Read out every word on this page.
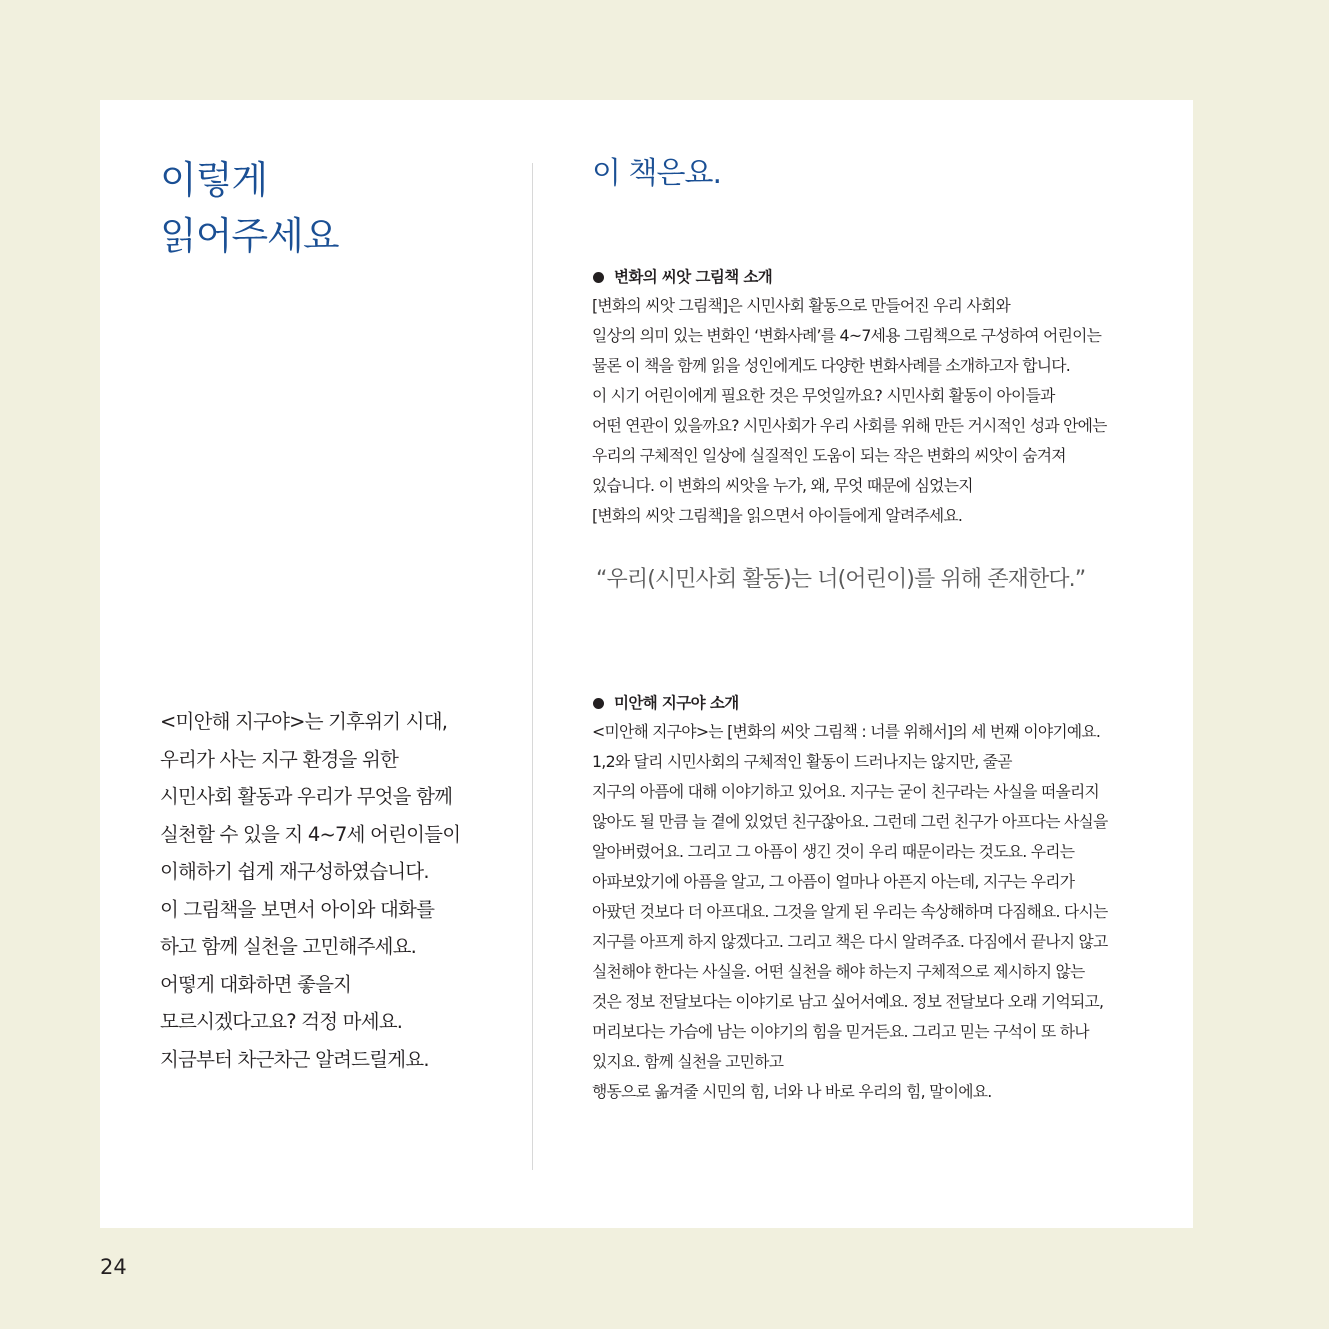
이렇게
읽어주세요

<미안해 지구야>는 기후위기 시대,

우리가 사는 지구 환경을 위한

시민사회 활동과 우리가 무엇을 함께

실천할 수 있을 지 4~7세 어린이들이

이해하기 쉽게 재구성하였습니다.

이 그림책을 보면서 아이와 대화를

하고 함께 실천을 고민해주세요.

어떻게 대화하면 좋을지

모르시겠다고요? 걱정 마세요.

지금부터 차근차근 알려드릴게요.

이 책은요.
변화의 씨앗 그림책 소개

[변화의 씨앗 그림책]은 시민사회 활동으로 만들어진 우리 사회와

일상의 의미 있는 변화인 ‘변화사례’를 4~7세용 그림책으로 구성하여 어린이는

물론 이 책을 함께 읽을 성인에게도 다양한 변화사례를 소개하고자 합니다.

이 시기 어린이에게 필요한 것은 무엇일까요? 시민사회 활동이 아이들과

어떤 연관이 있을까요? 시민사회가 우리 사회를 위해 만든 거시적인 성과 안에는

우리의 구체적인 일상에 실질적인 도움이 되는 작은 변화의 씨앗이 숨겨져

있습니다. 이 변화의 씨앗을 누가, 왜, 무엇 때문에 심었는지

[변화의 씨앗 그림책]을 읽으면서 아이들에게 알려주세요.

“우리(시민사회 활동)는 너(어린이)를 위해 존재한다.”

미안해 지구야 소개

<미안해 지구야>는 [변화의 씨앗 그림책 : 너를 위해서]의 세 번째 이야기예요.

1,2와 달리 시민사회의 구체적인 활동이 드러나지는 않지만, 줄곧

지구의 아픔에 대해 이야기하고 있어요. 지구는 굳이 친구라는 사실을 떠올리지

않아도 될 만큼 늘 곁에 있었던 친구잖아요. 그런데 그런 친구가 아프다는 사실을

알아버렸어요. 그리고 그 아픔이 생긴 것이 우리 때문이라는 것도요. 우리는

아파보았기에 아픔을 알고, 그 아픔이 얼마나 아픈지 아는데, 지구는 우리가

아팠던 것보다 더 아프대요. 그것을 알게 된 우리는 속상해하며 다짐해요. 다시는

지구를 아프게 하지 않겠다고. 그리고 책은 다시 알려주죠. 다짐에서 끝나지 않고

실천해야 한다는 사실을. 어떤 실천을 해야 하는지 구체적으로 제시하지 않는

것은 정보 전달보다는 이야기로 남고 싶어서예요. 정보 전달보다 오래 기억되고,

머리보다는 가슴에 남는 이야기의 힘을 믿거든요. 그리고 믿는 구석이 또 하나

있지요. 함께 실천을 고민하고

행동으로 옮겨줄 시민의 힘, 너와 나 바로 우리의 힘, 말이에요.

24
